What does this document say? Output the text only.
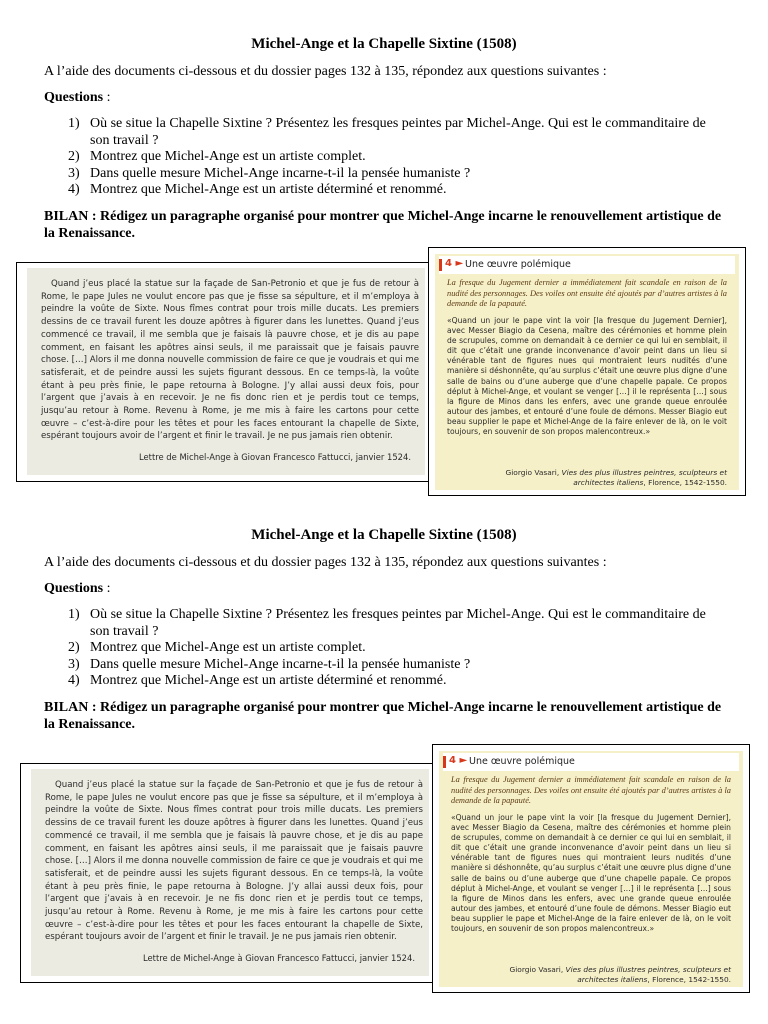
Michel-Ange et la Chapelle Sixtine (1508)
A l’aide des documents ci-dessous et du dossier pages 132 à 135, répondez aux questions suivantes :
Questions :
1) Où se situe la Chapelle Sixtine ? Présentez les fresques peintes par Michel-Ange. Qui est le commanditaire de son travail ?
2) Montrez que Michel-Ange est un artiste complet.
3) Dans quelle mesure Michel-Ange incarne-t-il la pensée humaniste ?
4) Montrez que Michel-Ange est un artiste déterminé et renommé.
BILAN : Rédigez un paragraphe organisé pour montrer que Michel-Ange incarne le renouvellement artistique de la Renaissance.
Quand j’eus placé la statue sur la façade de San-Petronio et que je fus de retour à Rome, le pape Jules ne voulut encore pas que je fisse sa sépulture, et il m’employa à peindre la voûte de Sixte. Nous fîmes contrat pour trois mille ducats. Les premiers dessins de ce travail furent les douze apôtres à figurer dans les lunettes. Quand j’eus commencé ce travail, il me sembla que je faisais là pauvre chose, et je dis au pape comment, en faisant les apôtres ainsi seuls, il me paraissait que je faisais pauvre chose. […] Alors il me donna nouvelle commission de faire ce que je voudrais et qui me satisferait, et de peindre aussi les sujets figurant dessous. En ce temps-là, la voûte étant à peu près finie, le pape retourna à Bologne. J’y allai aussi deux fois, pour l’argent que j’avais à en recevoir. Je ne fis donc rien et je perdis tout ce temps, jusqu’au retour à Rome. Revenu à Rome, je me mis à faire les cartons pour cette œuvre – c’est-à-dire pour les têtes et pour les faces entourant la chapelle de Sixte, espérant toujours avoir de l’argent et finir le travail. Je ne pus jamais rien obtenir.
Lettre de Michel-Ange à Giovan Francesco Fattucci, janvier 1524.
4 ► Une œuvre polémique
La fresque du Jugement dernier a immédiatement fait scandale en raison de la nudité des personnages. Des voiles ont ensuite été ajoutés par d’autres artistes à la demande de la papauté.
«Quand un jour le pape vint la voir [la fresque du Jugement Dernier], avec Messer Biagio da Cesena, maître des cérémonies et homme plein de scrupules, comme on demandait à ce dernier ce qui lui en semblait, il dit que c’était une grande inconvenance d’avoir peint dans un lieu si vénérable tant de figures nues qui montraient leurs nudités d’une manière si déshonnête, qu’au surplus c’était une œuvre plus digne d’une salle de bains ou d’une auberge que d’une chapelle papale. Ce propos déplut à Michel-Ange, et voulant se venger […] il le représenta […] sous la figure de Minos dans les enfers, avec une grande queue enroulée autour des jambes, et entouré d’une foule de démons. Messer Biagio eut beau supplier le pape et Michel-Ange de la faire enlever de là, on le voit toujours, en souvenir de son propos malencontreux.»
Giorgio Vasari, Vies des plus illustres peintres, sculpteurs et architectes italiens, Florence, 1542-1550.
Michel-Ange et la Chapelle Sixtine (1508)
A l’aide des documents ci-dessous et du dossier pages 132 à 135, répondez aux questions suivantes :
Questions :
1) Où se situe la Chapelle Sixtine ? Présentez les fresques peintes par Michel-Ange. Qui est le commanditaire de son travail ?
2) Montrez que Michel-Ange est un artiste complet.
3) Dans quelle mesure Michel-Ange incarne-t-il la pensée humaniste ?
4) Montrez que Michel-Ange est un artiste déterminé et renommé.
BILAN : Rédigez un paragraphe organisé pour montrer que Michel-Ange incarne le renouvellement artistique de la Renaissance.
Quand j’eus placé la statue sur la façade de San-Petronio et que je fus de retour à Rome, le pape Jules ne voulut encore pas que je fisse sa sépulture, et il m’employa à peindre la voûte de Sixte. Nous fîmes contrat pour trois mille ducats. Les premiers dessins de ce travail furent les douze apôtres à figurer dans les lunettes. Quand j’eus commencé ce travail, il me sembla que je faisais là pauvre chose, et je dis au pape comment, en faisant les apôtres ainsi seuls, il me paraissait que je faisais pauvre chose. […] Alors il me donna nouvelle commission de faire ce que je voudrais et qui me satisferait, et de peindre aussi les sujets figurant dessous. En ce temps-là, la voûte étant à peu près finie, le pape retourna à Bologne. J’y allai aussi deux fois, pour l’argent que j’avais à en recevoir. Je ne fis donc rien et je perdis tout ce temps, jusqu’au retour à Rome. Revenu à Rome, je me mis à faire les cartons pour cette œuvre – c’est-à-dire pour les têtes et pour les faces entourant la chapelle de Sixte, espérant toujours avoir de l’argent et finir le travail. Je ne pus jamais rien obtenir.
Lettre de Michel-Ange à Giovan Francesco Fattucci, janvier 1524.
4 ► Une œuvre polémique
La fresque du Jugement dernier a immédiatement fait scandale en raison de la nudité des personnages. Des voiles ont ensuite été ajoutés par d’autres artistes à la demande de la papauté.
«Quand un jour le pape vint la voir [la fresque du Jugement Dernier], avec Messer Biagio da Cesena, maître des cérémonies et homme plein de scrupules, comme on demandait à ce dernier ce qui lui en semblait, il dit que c’était une grande inconvenance d’avoir peint dans un lieu si vénérable tant de figures nues qui montraient leurs nudités d’une manière si déshonnête, qu’au surplus c’était une œuvre plus digne d’une salle de bains ou d’une auberge que d’une chapelle papale. Ce propos déplut à Michel-Ange, et voulant se venger […] il le représenta […] sous la figure de Minos dans les enfers, avec une grande queue enroulée autour des jambes, et entouré d’une foule de démons. Messer Biagio eut beau supplier le pape et Michel-Ange de la faire enlever de là, on le voit toujours, en souvenir de son propos malencontreux.»
Giorgio Vasari, Vies des plus illustres peintres, sculpteurs et architectes italiens, Florence, 1542-1550.
